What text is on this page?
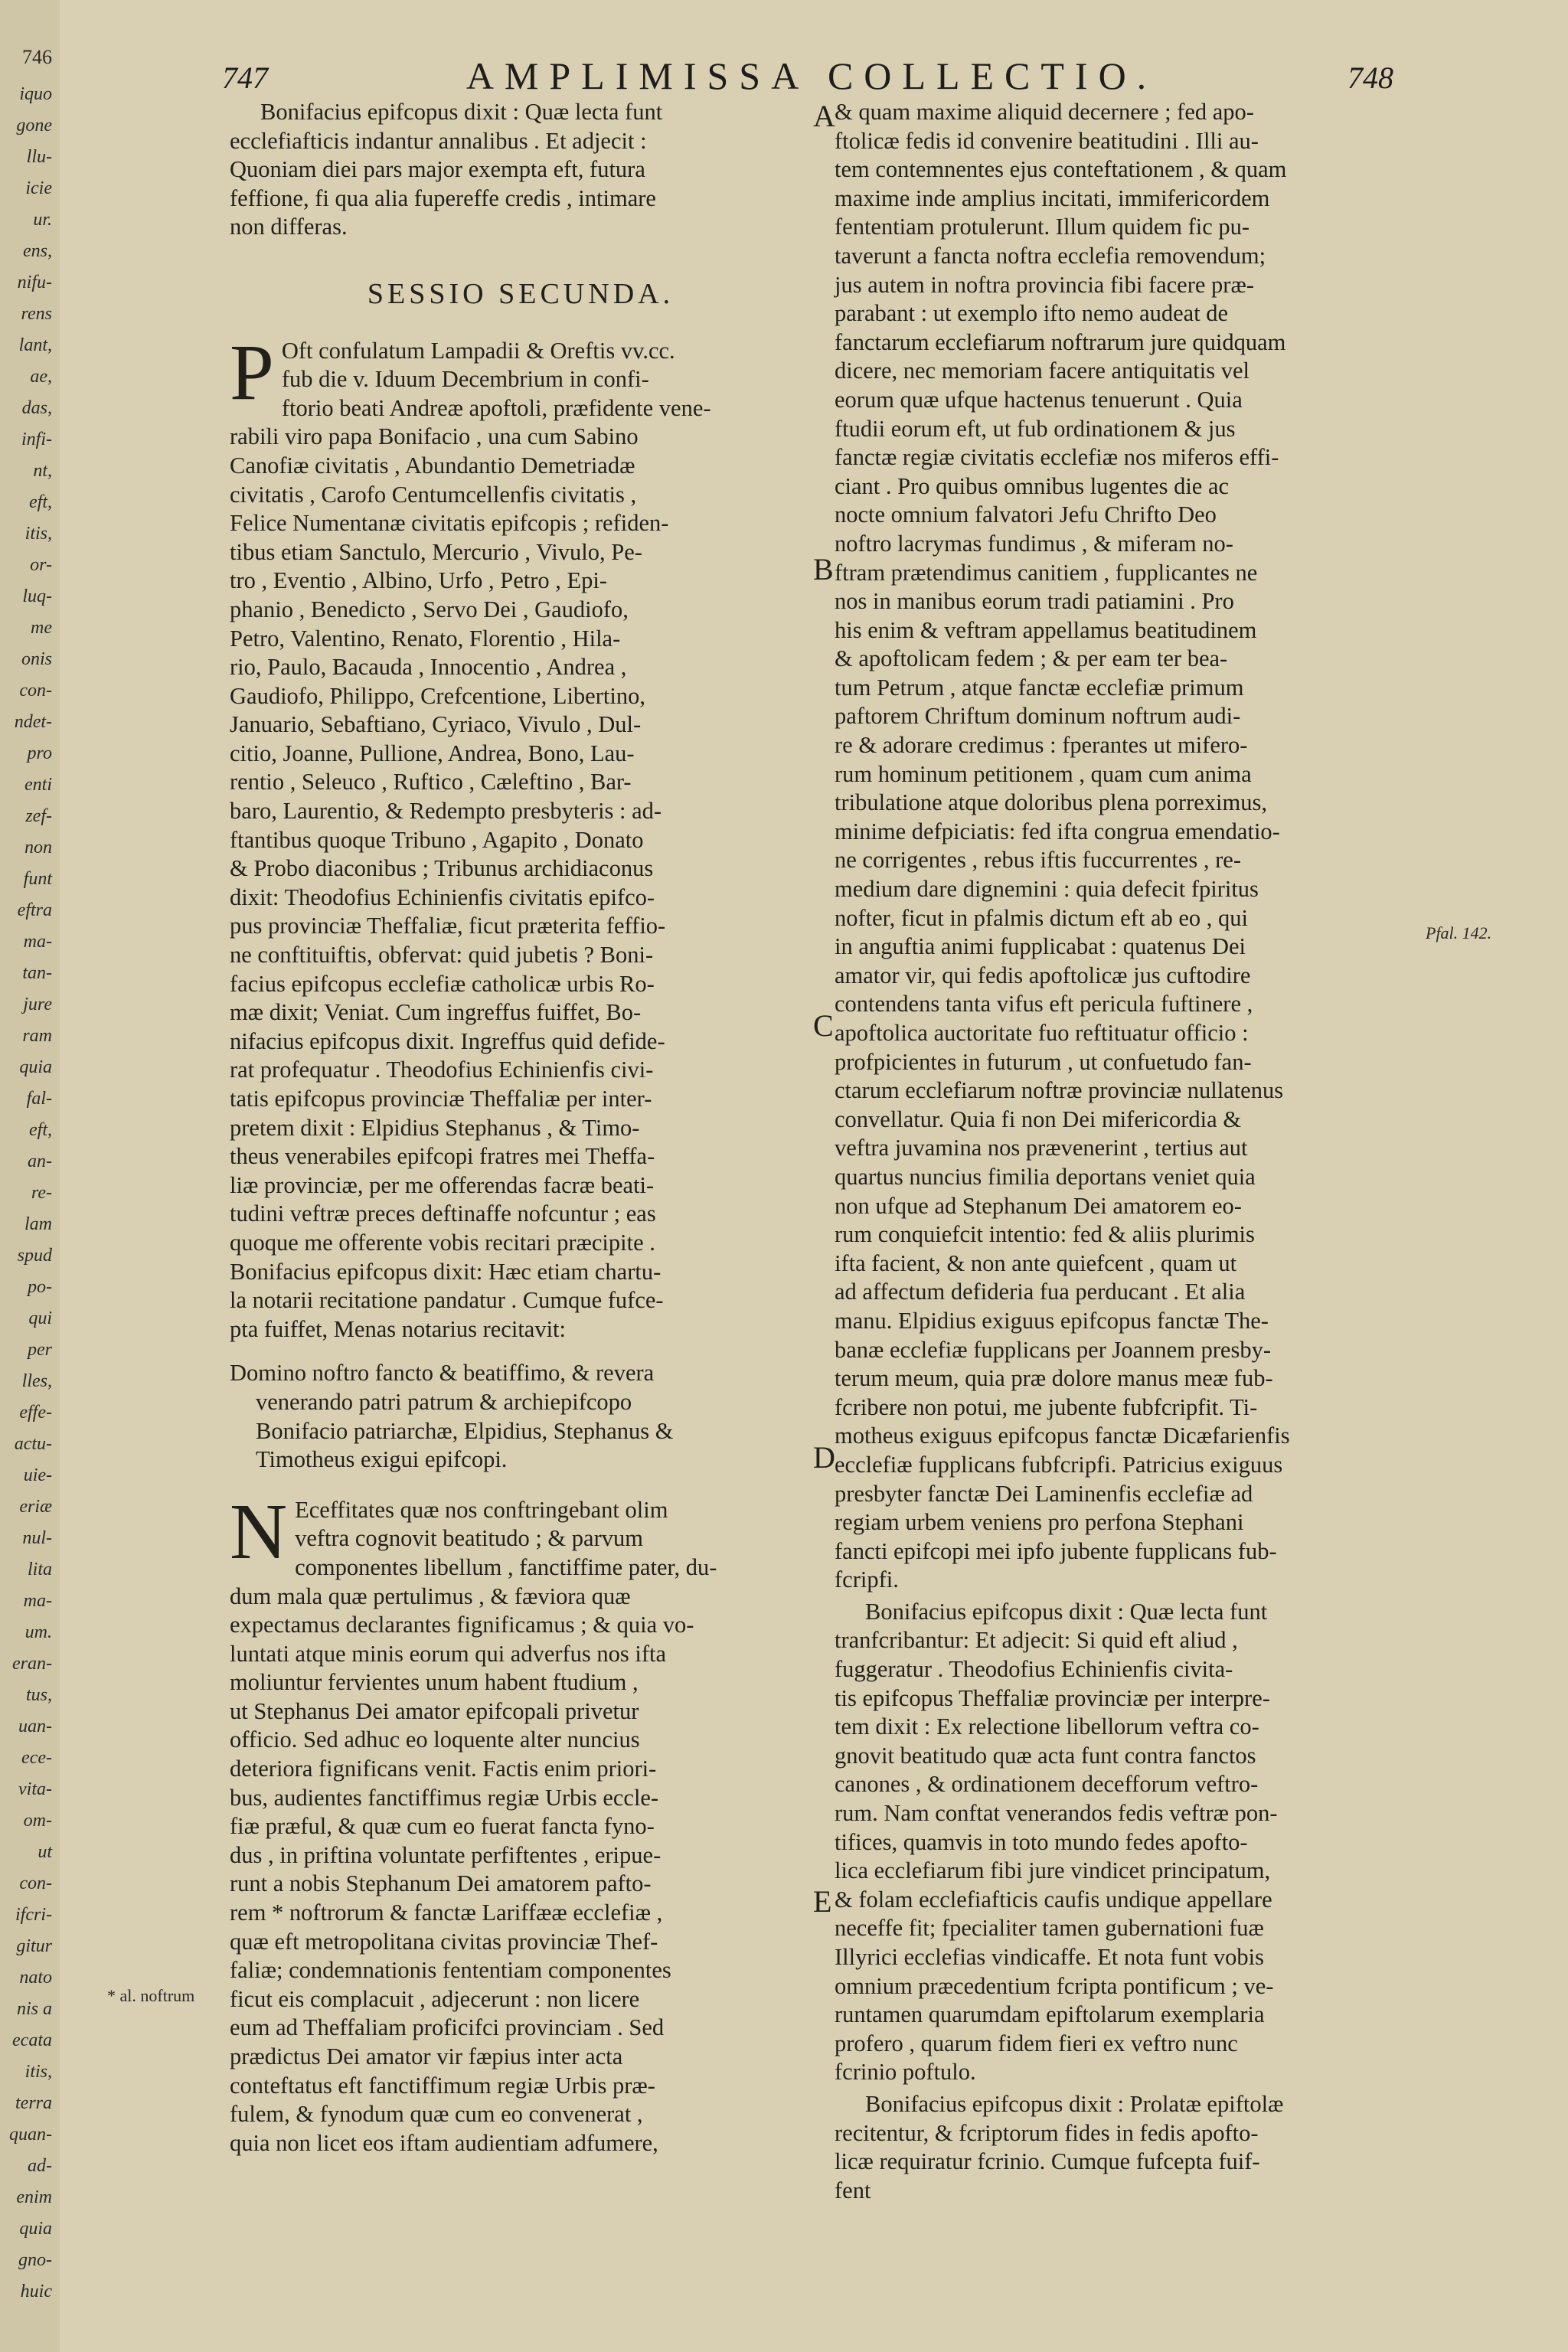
746
iquo
gone
llu-
icie
ur.
ens,
nifu-
rens
lant,
ae,
das,
infi-
nt,
eft,
itis,
or-
luq-
me
onis
con-
ndet-
pro
enti
zef-
non
funt
eftra
ma-
tan-
jure
ram
quia
fal-
eft,
an-
re-
lam
spud
po-
qui
per
lles,
effe-
actu-
uie-
eriæ
nul-
lita
ma-
um.
eran-
tus,
uan-
ece-
vita-
om-
ut
con-
ifcri-
gitur
nato
nis a
ecata
itis,
terra
quan-
ad-
enim
quia
gno-
huic
747	AMPLIMISSA COLLECTIO.	748

Bonifacius epifcopus dixit : Quæ lecta funt

ecclefiafticis indantur annalibus . Et adjecit :

Quoniam diei pars major exempta eft, futura

feffione, fi qua alia fupereffe credis , intimare

non differas.

SESSIO SECUNDA.
P Oft confulatum Lampadii & Oreftis vv.cc.

fub die v. Iduum Decembrium in confi-

ftorio beati Andreæ apoftoli, præfidente vene-

rabili viro papa Bonifacio , una cum Sabino

Canofiæ civitatis , Abundantio Demetriadæ

civitatis , Carofo Centumcellenfis civitatis ,

Felice Numentanæ civitatis epifcopis ; refiden-

tibus etiam Sanctulo, Mercurio , Vivulo, Pe-

tro , Eventio , Albino, Urfo , Petro , Epi-

phanio , Benedicto , Servo Dei , Gaudiofo,

Petro, Valentino, Renato, Florentio , Hila-

rio, Paulo, Bacauda , Innocentio , Andrea ,

Gaudiofo, Philippo, Crefcentione, Libertino,

Januario, Sebaftiano, Cyriaco, Vivulo , Dul-

citio, Joanne, Pullione, Andrea, Bono, Lau-

rentio , Seleuco , Ruftico , Cæleftino , Bar-

baro, Laurentio, & Redempto presbyteris : ad-

ftantibus quoque Tribuno , Agapito , Donato

& Probo diaconibus ; Tribunus archidiaconus

dixit: Theodofius Echinienfis civitatis epifco-

pus provinciæ Theffaliæ, ficut præterita feffio-

ne conftituiftis, obfervat: quid jubetis ? Boni-

facius epifcopus ecclefiæ catholicæ urbis Ro-

mæ dixit; Veniat. Cum ingreffus fuiffet, Bo-

nifacius epifcopus dixit. Ingreffus quid defide-

rat profequatur . Theodofius Echinienfis civi-

tatis epifcopus provinciæ Theffaliæ per inter-

pretem dixit : Elpidius Stephanus , & Timo-

theus venerabiles epifcopi fratres mei Theffa-

liæ provinciæ, per me offerendas facræ beati-

tudini veftræ preces deftinaffe nofcuntur ; eas

quoque me offerente vobis recitari præcipite .

Bonifacius epifcopus dixit: Hæc etiam chartu-

la notarii recitatione pandatur . Cumque fufce-

pta fuiffet, Menas notarius recitavit:

Domino noftro fancto & beatiffimo, & revera

venerando patri patrum & archiepifcopo

Bonifacio patriarchæ, Elpidius, Stephanus &

Timotheus exigui epifcopi.

N Eceffitates quæ nos conftringebant olim

veftra cognovit beatitudo ; & parvum

componentes libellum , fanctiffime pater, du-

dum mala quæ pertulimus , & fæviora quæ

expectamus declarantes fignificamus ; & quia vo-

luntati atque minis eorum qui adverfus nos ifta

moliuntur fervientes unum habent ftudium ,

ut Stephanus Dei amator epifcopali privetur

officio. Sed adhuc eo loquente alter nuncius

deteriora fignificans venit. Factis enim priori-

bus, audientes fanctiffimus regiæ Urbis eccle-

fiæ præful, & quæ cum eo fuerat fancta fyno-

dus , in priftina voluntate perfiftentes , eripue-

runt a nobis Stephanum Dei amatorem pafto-

rem * noftrorum & fanctæ Lariffææ ecclefiæ ,

quæ eft metropolitana civitas provinciæ Thef-

faliæ; condemnationis fententiam componentes

ficut eis complacuit , adjecerunt : non licere

eum ad Theffaliam proficifci provinciam . Sed

prædictus Dei amator vir fæpius inter acta

conteftatus eft fanctiffimum regiæ Urbis præ-

fulem, & fynodum quæ cum eo convenerat ,

quia non licet eos iftam audientiam adfumere,

& quam maxime aliquid decernere ; fed apo-

ftolicæ fedis id convenire beatitudini . Illi au-

tem contemnentes ejus conteftationem , & quam

maxime inde amplius incitati, immifericordem

fententiam protulerunt. Illum quidem fic pu-

taverunt a fancta noftra ecclefia removendum;

jus autem in noftra provincia fibi facere præ-

parabant : ut exemplo ifto nemo audeat de

fanctarum ecclefiarum noftrarum jure quidquam

dicere, nec memoriam facere antiquitatis vel

eorum quæ ufque hactenus tenuerunt . Quia

ftudii eorum eft, ut fub ordinationem & jus

fanctæ regiæ civitatis ecclefiæ nos miferos effi-

ciant . Pro quibus omnibus lugentes die ac

nocte omnium falvatori Jefu Chrifto Deo

noftro lacrymas fundimus , & miferam no-

ftram prætendimus canitiem , fupplicantes ne

nos in manibus eorum tradi patiamini . Pro

his enim & veftram appellamus beatitudinem

& apoftolicam fedem ; & per eam ter bea-

tum Petrum , atque fanctæ ecclefiæ primum

paftorem Chriftum dominum noftrum audi-

re & adorare credimus : fperantes ut mifero-

rum hominum petitionem , quam cum anima

tribulatione atque doloribus plena porreximus,

minime defpiciatis: fed ifta congrua emendatio-

ne corrigentes , rebus iftis fuccurrentes , re-

medium dare dignemini : quia defecit fpiritus

nofter, ficut in pfalmis dictum eft ab eo , qui

in anguftia animi fupplicabat : quatenus Dei

amator vir, qui fedis apoftolicæ jus cuftodire

contendens tanta vifus eft pericula fuftinere ,

apoftolica auctoritate fuo reftituatur officio :

profpicientes in futurum , ut confuetudo fan-

ctarum ecclefiarum noftræ provinciæ nullatenus

convellatur. Quia fi non Dei mifericordia &

veftra juvamina nos prævenerint , tertius aut

quartus nuncius fimilia deportans veniet quia

non ufque ad Stephanum Dei amatorem eo-

rum conquiefcit intentio: fed & aliis plurimis

ifta facient, & non ante quiefcent , quam ut

ad affectum defideria fua perducant . Et alia

manu. Elpidius exiguus epifcopus fanctæ The-

banæ ecclefiæ fupplicans per Joannem presby-

terum meum, quia præ dolore manus meæ fub-

fcribere non potui, me jubente fubfcripfit. Ti-

motheus exiguus epifcopus fanctæ Dicæfarienfis

ecclefiæ fupplicans fubfcripfi. Patricius exiguus

presbyter fanctæ Dei Laminenfis ecclefiæ ad

regiam urbem veniens pro perfona Stephani

fancti epifcopi mei ipfo jubente fupplicans fub-

fcripfi.

Bonifacius epifcopus dixit : Quæ lecta funt

tranfcribantur: Et adjecit: Si quid eft aliud ,

fuggeratur . Theodofius Echinienfis civita-

tis epifcopus Theffaliæ provinciæ per interpre-

tem dixit : Ex relectione libellorum veftra co-

gnovit beatitudo quæ acta funt contra fanctos

canones , & ordinationem decefforum veftro-

rum. Nam conftat venerandos fedis veftræ pon-

tifices, quamvis in toto mundo fedes apofto-

lica ecclefiarum fibi jure vindicet principatum,

& folam ecclefiafticis caufis undique appellare

neceffe fit; fpecialiter tamen gubernationi fuæ

Illyrici ecclefias vindicaffe. Et nota funt vobis

omnium præcedentium fcripta pontificum ; ve-

runtamen quarumdam epiftolarum exemplaria

profero , quarum fidem fieri ex veftro nunc

fcrinio poftulo.

Bonifacius epifcopus dixit : Prolatæ epiftolæ

recitentur, & fcriptorum fides in fedis apofto-

licæ requiratur fcrinio. Cumque fufcepta fuif-

fent

A
B
C
D
E
Pfal. 142.
* al. noftrum
